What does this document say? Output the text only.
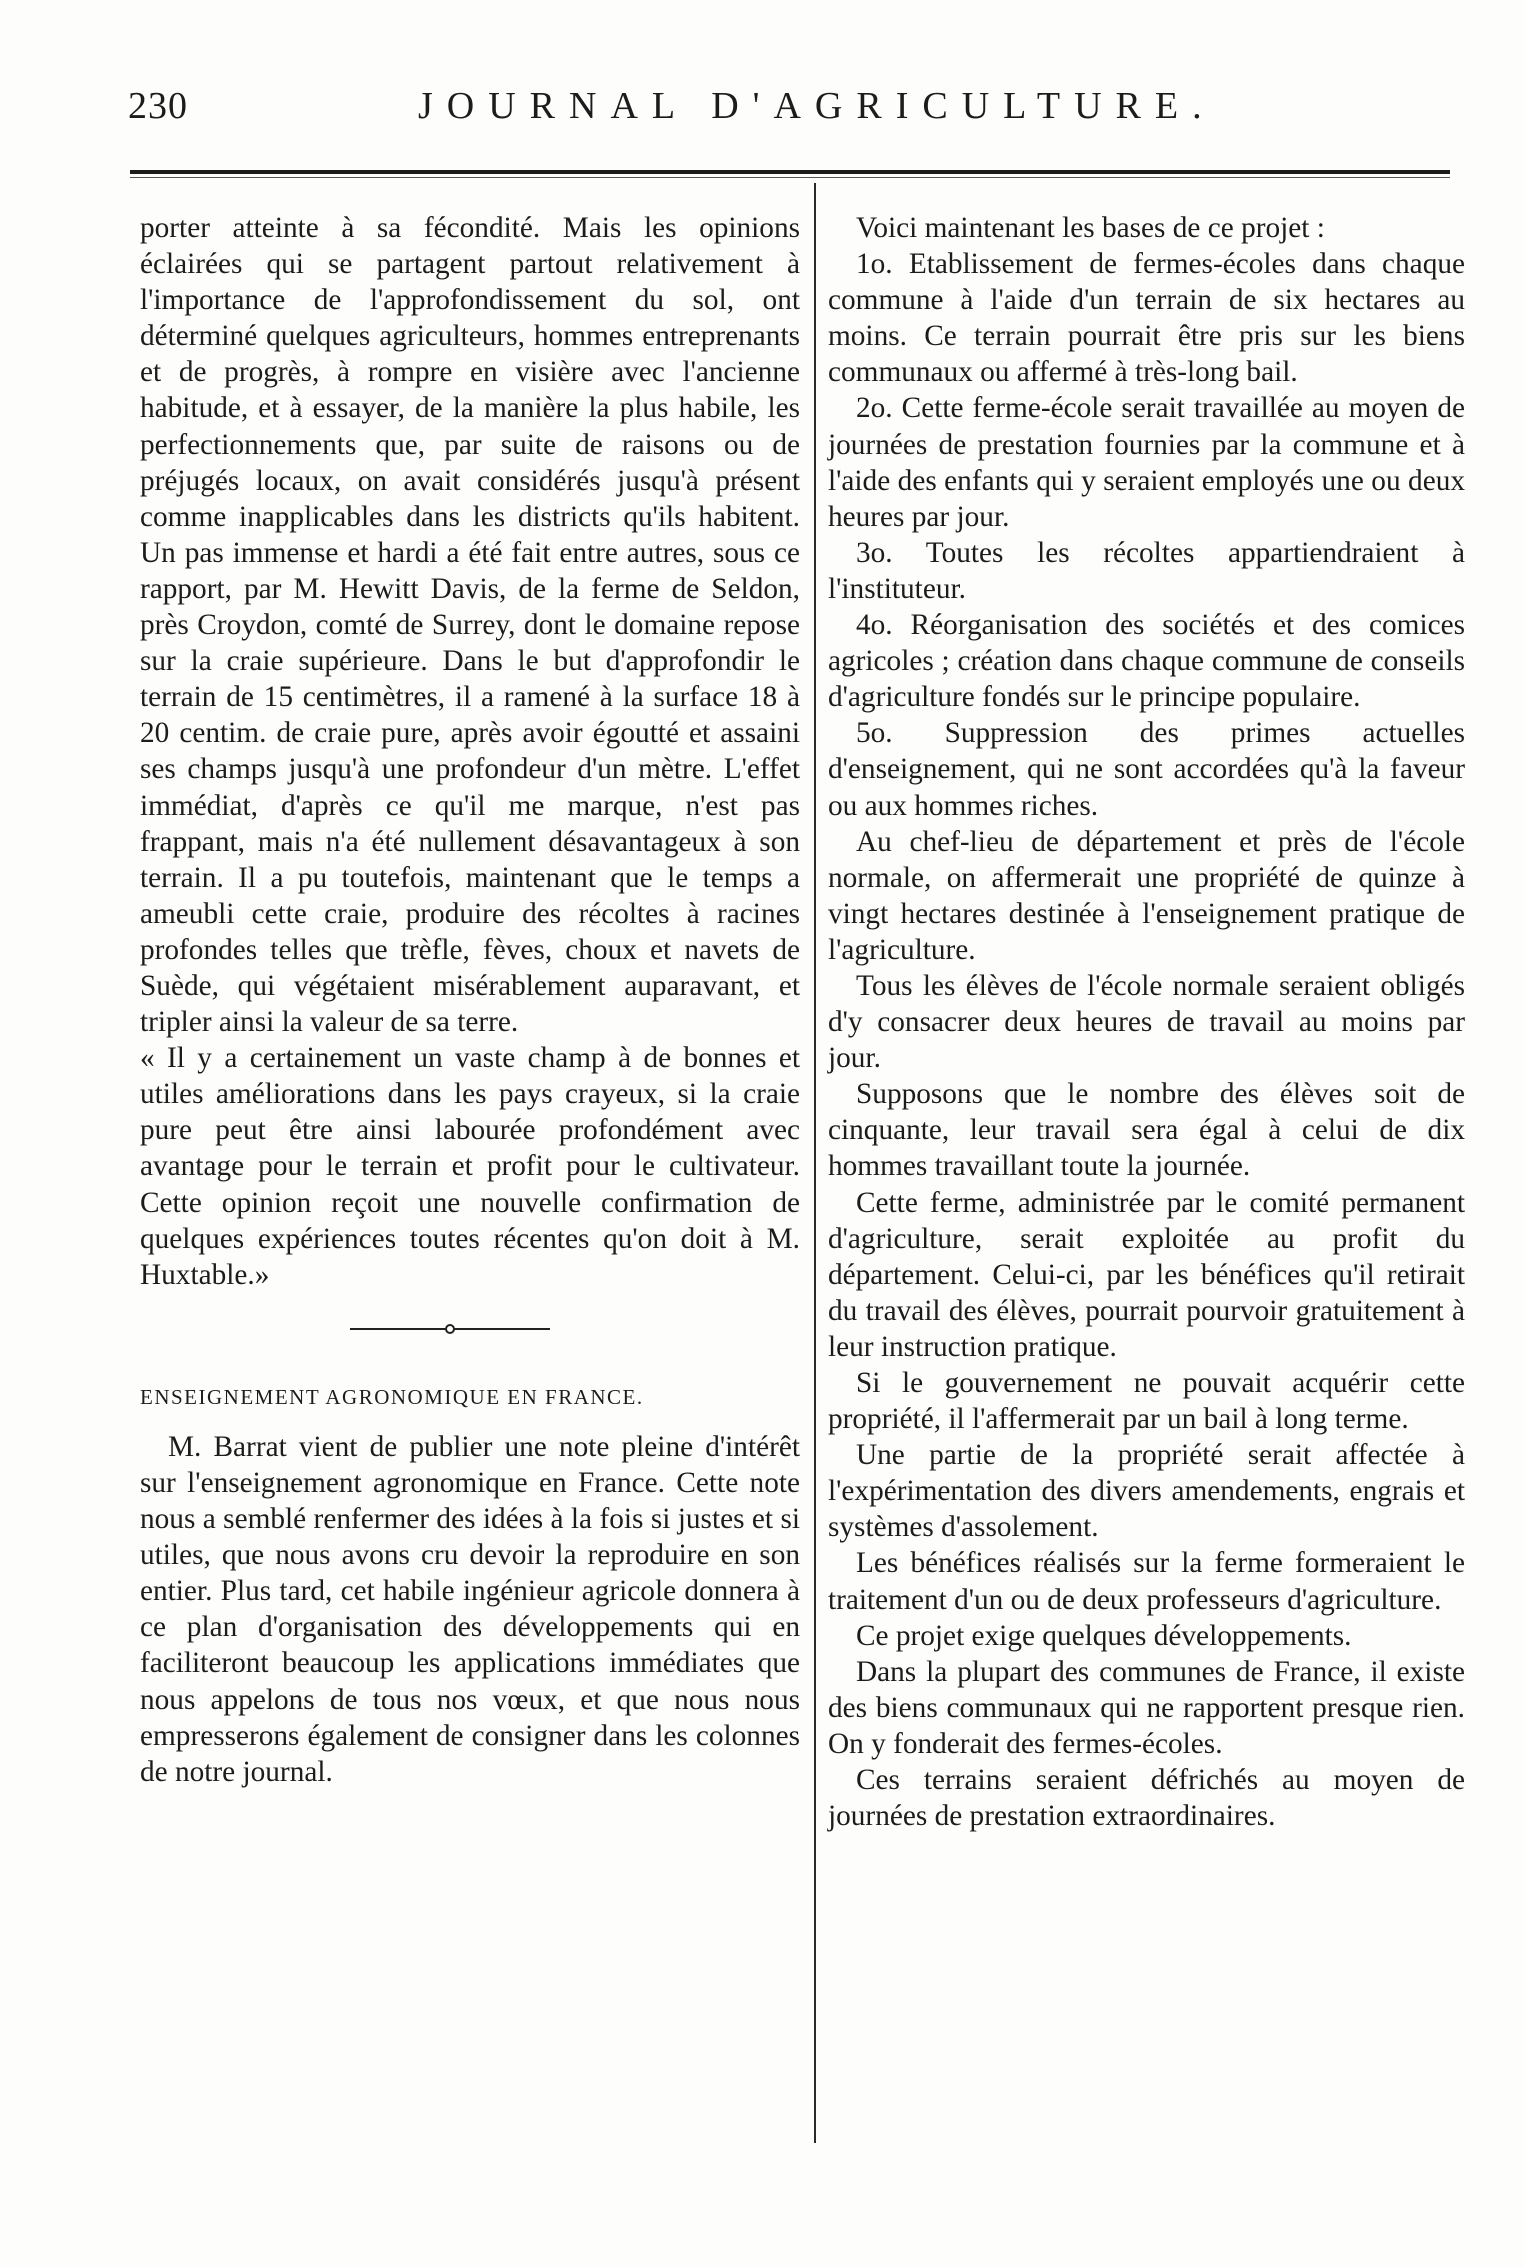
230	JOURNAL D'AGRICULTURE.

porter atteinte à sa fécondité. Mais les opinions éclairées qui se partagent partout relativement à l'importance de l'approfondissement du sol, ont déterminé quelques agriculteurs, hommes entreprenants et de progrès, à rompre en visière avec l'ancienne habitude, et à essayer, de la manière la plus habile, les perfectionnements que, par suite de raisons ou de préjugés locaux, on avait considérés jusqu'à présent comme inapplicables dans les districts qu'ils habitent. Un pas immense et hardi a été fait entre autres, sous ce rapport, par M. Hewitt Davis, de la ferme de Seldon, près Croydon, comté de Surrey, dont le domaine repose sur la craie supérieure. Dans le but d'approfondir le terrain de 15 centimètres, il a ramené à la surface 18 à 20 centim. de craie pure, après avoir égoutté et assaini ses champs jusqu'à une profondeur d'un mètre. L'effet immédiat, d'après ce qu'il me marque, n'est pas frappant, mais n'a été nullement désavantageux à son terrain. Il a pu toutefois, maintenant que le temps a ameubli cette craie, produire des récoltes à racines profondes telles que trèfle, fèves, choux et navets de Suède, qui végétaient misérablement auparavant, et tripler ainsi la valeur de sa terre.

« Il y a certainement un vaste champ à de bonnes et utiles améliorations dans les pays crayeux, si la craie pure peut être ainsi labourée profondément avec avantage pour le terrain et profit pour le cultivateur. Cette opinion reçoit une nouvelle confirmation de quelques expériences toutes récentes qu'on doit à M. Huxtable.»

ENSEIGNEMENT AGRONOMIQUE EN FRANCE.

M. Barrat vient de publier une note pleine d'intérêt sur l'enseignement agronomique en France. Cette note nous a semblé renfermer des idées à la fois si justes et si utiles, que nous avons cru devoir la reproduire en son entier. Plus tard, cet habile ingénieur agricole donnera à ce plan d'organisation des développements qui en faciliteront beaucoup les applications immédiates que nous appelons de tous nos vœux, et que nous nous empresserons également de consigner dans les colonnes de notre journal.

Voici maintenant les bases de ce projet :

1o. Etablissement de fermes-écoles dans chaque commune à l'aide d'un terrain de six hectares au moins. Ce terrain pourrait être pris sur les biens communaux ou affermé à très-long bail.

2o. Cette ferme-école serait travaillée au moyen de journées de prestation fournies par la commune et à l'aide des enfants qui y seraient employés une ou deux heures par jour.

3o. Toutes les récoltes appartiendraient à l'instituteur.

4o. Réorganisation des sociétés et des comices agricoles ; création dans chaque commune de conseils d'agriculture fondés sur le principe populaire.

5o. Suppression des primes actuelles d'enseignement, qui ne sont accordées qu'à la faveur ou aux hommes riches.

Au chef-lieu de département et près de l'école normale, on affermerait une propriété de quinze à vingt hectares destinée à l'enseignement pratique de l'agriculture.

Tous les élèves de l'école normale seraient obligés d'y consacrer deux heures de travail au moins par jour.

Supposons que le nombre des élèves soit de cinquante, leur travail sera égal à celui de dix hommes travaillant toute la journée.

Cette ferme, administrée par le comité permanent d'agriculture, serait exploitée au profit du département. Celui-ci, par les bénéfices qu'il retirait du travail des élèves, pourrait pourvoir gratuitement à leur instruction pratique.

Si le gouvernement ne pouvait acquérir cette propriété, il l'affermerait par un bail à long terme.

Une partie de la propriété serait affectée à l'expérimentation des divers amendements, engrais et systèmes d'assolement.

Les bénéfices réalisés sur la ferme formeraient le traitement d'un ou de deux professeurs d'agriculture.

Ce projet exige quelques développements.

Dans la plupart des communes de France, il existe des biens communaux qui ne rapportent presque rien. On y fonderait des fermes-écoles.

Ces terrains seraient défrichés au moyen de journées de prestation extraordinaires.
